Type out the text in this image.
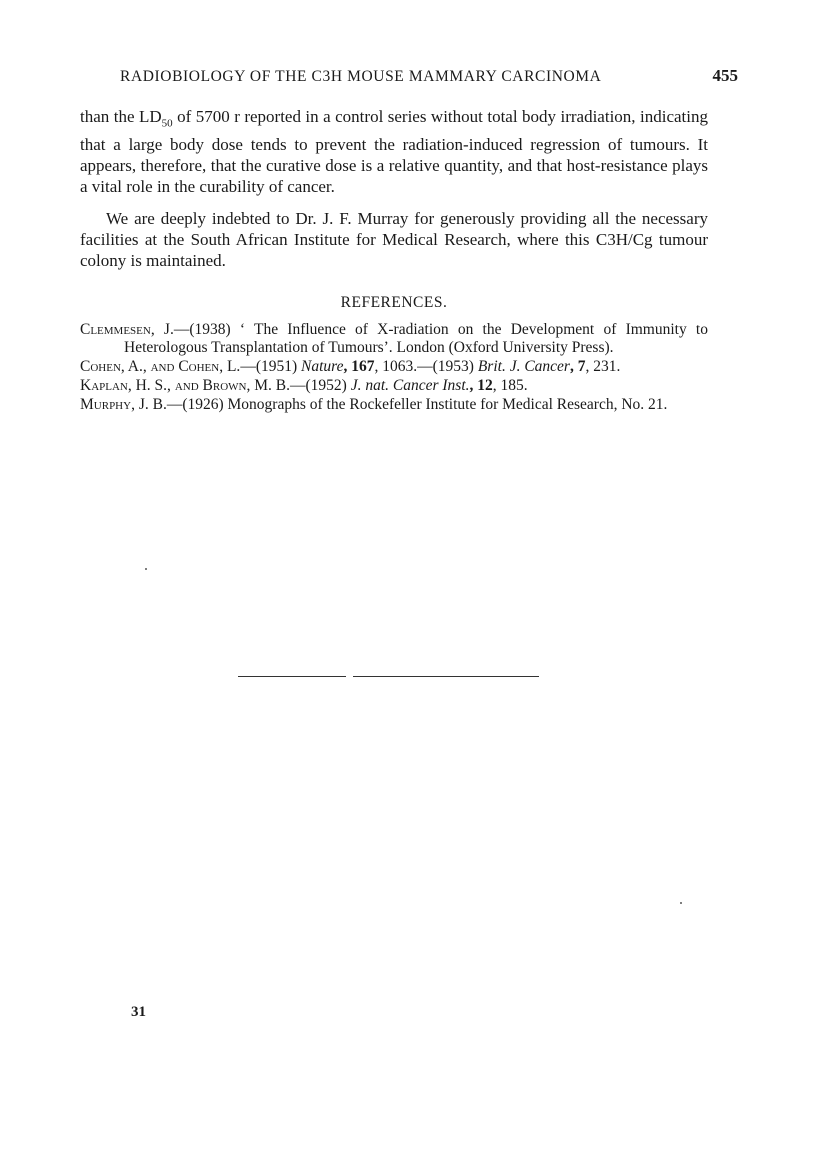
RADIOBIOLOGY OF THE C3H MOUSE MAMMARY CARCINOMA	455

than the $LD_{50}$ of 5700 r reported in a control series without total body irradiation, indicating that a large body dose tends to prevent the radiation-induced regression of tumours. It appears, therefore, that the curative dose is a relative quantity, and that host-resistance plays a vital role in the curability of cancer.

We are deeply indebted to Dr. J. F. Murray for generously providing all the necessary facilities at the South African Institute for Medical Research, where this C3H/Cg tumour colony is maintained.

REFERENCES.

Clemmesen, J.—(1938) ‘ The Influence of X-radiation on the Development of Immunity to Heterologous Transplantation of Tumours’. London (Oxford University Press).

Cohen, A., and Cohen, L.—(1951) Nature, 167, 1063.—(1953) Brit. J. Cancer, 7, 231.

Kaplan, H. S., and Brown, M. B.—(1952) J. nat. Cancer Inst., 12, 185.

Murphy, J. B.—(1926) Monographs of the Rockefeller Institute for Medical Research, No. 21.

31
